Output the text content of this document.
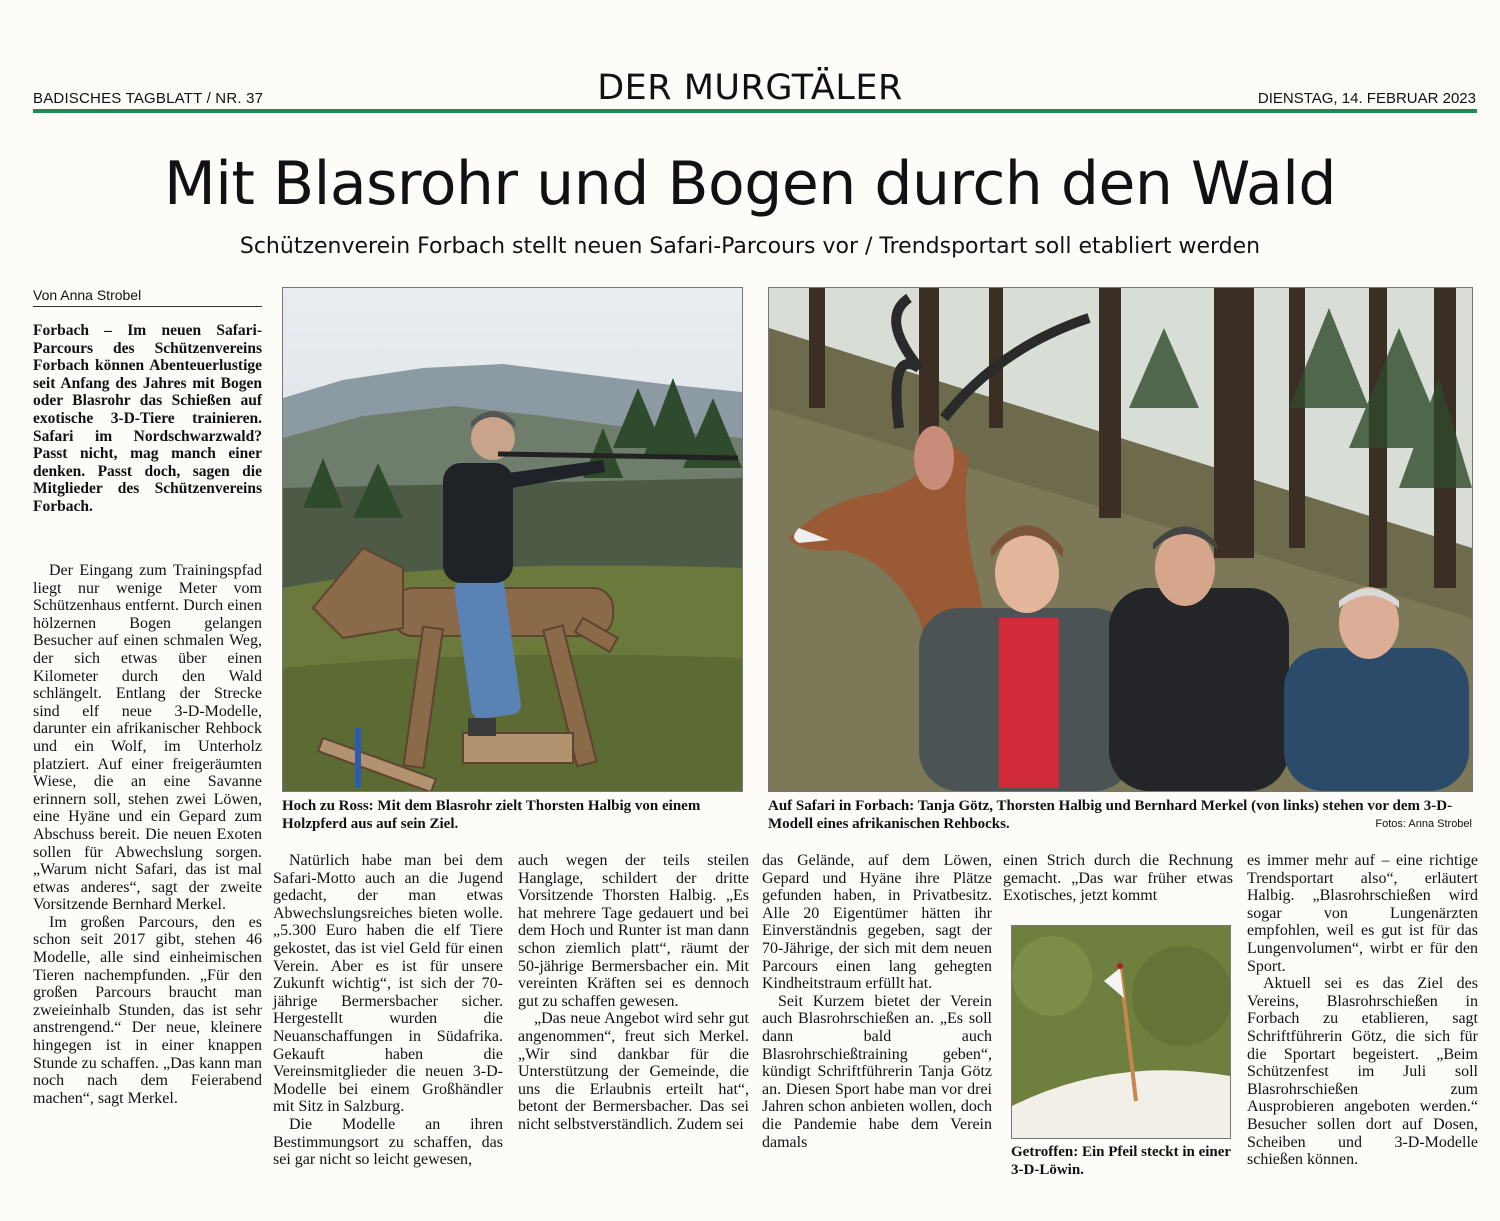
BADISCHES TAGBLATT / NR. 37	DER MURGTÄLER	DIENSTAG, 14. FEBRUAR 2023
Mit Blasrohr und Bogen durch den Wald
Schützenverein Forbach stellt neuen Safari-Parcours vor / Trendsportart soll etabliert werden
Von Anna Strobel

Forbach – Im neuen Safari-Parcours des Schützenvereins Forbach können Abenteuerlustige seit Anfang des Jahres mit Bogen oder Blasrohr das Schießen auf exotische 3-D-Tiere trainieren. Safari im Nordschwarzwald? Passt nicht, mag manch einer denken. Passt doch, sagen die Mitglieder des Schützenvereins Forbach.

Der Eingang zum Trainingspfad liegt nur wenige Meter vom Schützenhaus entfernt. Durch einen hölzernen Bogen gelangen Besucher auf einen schmalen Weg, der sich etwas über einen Kilometer durch den Wald schlängelt. Entlang der Strecke sind elf neue 3-D-Modelle, darunter ein afrikanischer Rehbock und ein Wolf, im Unterholz platziert. Auf einer freigeräumten Wiese, die an eine Savanne erinnern soll, stehen zwei Löwen, eine Hyäne und ein Gepard zum Abschuss bereit. Die neuen Exoten sollen für Abwechslung sorgen. „Warum nicht Safari, das ist mal etwas anderes“, sagt der zweite Vorsitzende Bernhard Merkel.

Im großen Parcours, den es schon seit 2017 gibt, stehen 46 Modelle, alle sind einheimischen Tieren nachempfunden. „Für den großen Parcours braucht man zweieinhalb Stunden, das ist sehr anstrengend.“ Der neue, kleinere hingegen ist in einer knappen Stunde zu schaffen. „Das kann man noch nach dem Feierabend machen“, sagt Merkel.

Hoch zu Ross: Mit dem Blasrohr zielt Thorsten Halbig von einem Holzpferd aus auf sein Ziel.
Auf Safari in Forbach: Tanja Götz, Thorsten Halbig und Bernhard Merkel (von links) stehen vor dem 3-D-Modell eines afrikanischen Rehbocks.	Fotos: Anna Strobel

Natürlich habe man bei dem Safari-Motto auch an die Jugend gedacht, der man etwas Abwechslungsreiches bieten wolle. „5.300 Euro haben die elf Tiere gekostet, das ist viel Geld für einen Verein. Aber es ist für unsere Zukunft wichtig“, ist sich der 70-jährige Bermersbacher sicher. Hergestellt wurden die Neuanschaffungen in Südafrika. Gekauft haben die Vereinsmitglieder die neuen 3-D-Modelle bei einem Großhändler mit Sitz in Salzburg.

Die Modelle an ihren Bestimmungsort zu schaffen, das sei gar nicht so leicht gewesen,

auch wegen der teils steilen Hanglage, schildert der dritte Vorsitzende Thorsten Halbig. „Es hat mehrere Tage gedauert und bei dem Hoch und Runter ist man dann schon ziemlich platt“, räumt der 50-jährige Bermersbacher ein. Mit vereinten Kräften sei es dennoch gut zu schaffen gewesen.

„Das neue Angebot wird sehr gut angenommen“, freut sich Merkel. „Wir sind dankbar für die Unterstützung der Gemeinde, die uns die Erlaubnis erteilt hat“, betont der Bermersbacher. Das sei nicht selbstverständlich. Zudem sei

das Gelände, auf dem Löwen, Gepard und Hyäne ihre Plätze gefunden haben, in Privatbesitz. Alle 20 Eigentümer hätten ihr Einverständnis gegeben, sagt der 70-Jährige, der sich mit dem neuen Parcours einen lang gehegten Kindheitstraum erfüllt hat.

Seit Kurzem bietet der Verein auch Blasrohrschießen an. „Es soll dann bald auch Blasrohrschießtraining geben“, kündigt Schriftführerin Tanja Götz an. Diesen Sport habe man vor drei Jahren schon anbieten wollen, doch die Pandemie habe dem Verein damals

einen Strich durch die Rechnung gemacht. „Das war früher etwas Exotisches, jetzt kommt

Getroffen: Ein Pfeil steckt in einer 3-D-Löwin.

es immer mehr auf – eine richtige Trendsportart also“, erläutert Halbig. „Blasrohrschießen wird sogar von Lungenärzten empfohlen, weil es gut ist für das Lungenvolumen“, wirbt er für den Sport.

Aktuell sei es das Ziel des Vereins, Blasrohrschießen in Forbach zu etablieren, sagt Schriftführerin Götz, die sich für die Sportart begeistert. „Beim Schützenfest im Juli soll Blasrohrschießen zum Ausprobieren angeboten werden.“ Besucher sollen dort auf Dosen, Scheiben und 3-D-Modelle schießen können.
